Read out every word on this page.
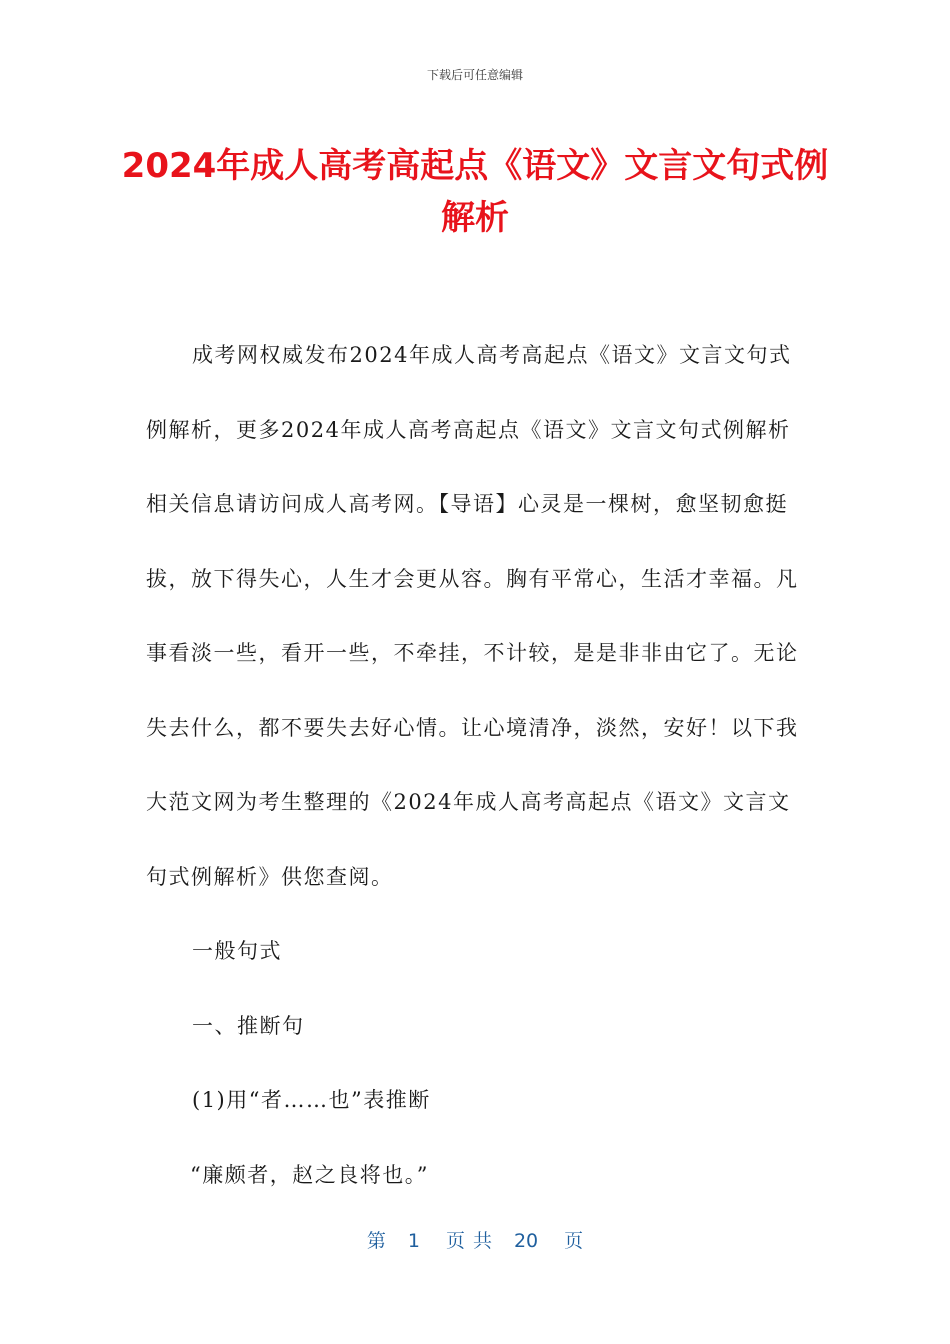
下载后可任意编辑
2024年成人高考高起点《语文》文言文句式例解析

成考网权威发布2024年成人高考高起点《语文》文言文句式例解析，更多2024年成人高考高起点《语文》文言文句式例解析相关信息请访问成人高考网。【导语】心灵是一棵树，愈坚韧愈挺拔，放下得失心，人生才会更从容。胸有平常心，生活才幸福。凡事看淡一些，看开一些，不牵挂，不计较，是是非非由它了。无论失去什么，都不要失去好心情。让心境清净，淡然，安好！以下我大范文网为考生整理的《2024年成人高考高起点《语文》文言文句式例解析》供您查阅。

一般句式

一、推断句

(1)用“者……也”表推断

“廉颇者，赵之良将也。”

第 1 页 共 20 页
